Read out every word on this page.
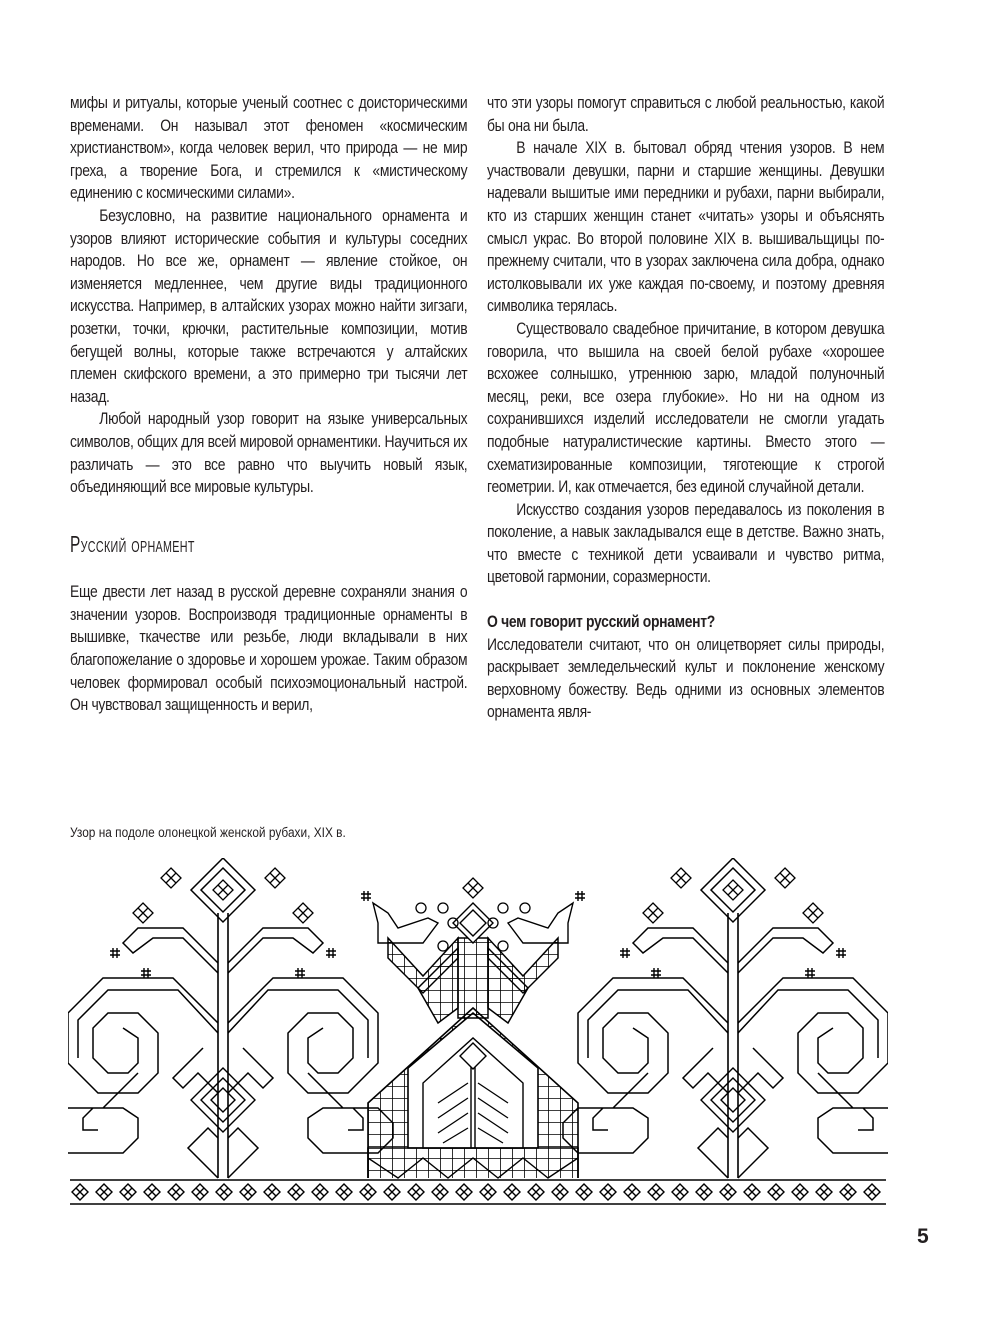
мифы и ритуалы, которые ученый соотнес с доисторическими временами. Он называл этот феномен «космическим христианством», когда человек верил, что природа — не мир греха, а творение Бога, и стремился к «мистическому единению с космическими силами».

Безусловно, на развитие национального орнамента и узоров влияют исторические события и культуры соседних народов. Но все же, орнамент — явление стойкое, он изменяется медленнее, чем другие виды традиционного искусства. Например, в алтайских узорах можно найти зигзаги, розетки, точки, крючки, растительные композиции, мотив бегущей волны, которые также встречаются у алтайских племен скифского времени, а это примерно три тысячи лет назад.

Любой народный узор говорит на языке универсальных символов, общих для всей мировой орнаментики. Научиться их различать — это все равно что выучить новый язык, объединяющий все мировые культуры.

Русский орнамент

Еще двести лет назад в русской деревне сохраняли знания о значении узоров. Воспроизводя традиционные орнаменты в вышивке, ткачестве или резьбе, люди вкладывали в них благопожелание о здоровье и хорошем урожае. Таким образом человек формировал особый психоэмоциональный настрой. Он чувствовал защищенность и верил,

что эти узоры помогут справиться с любой реальностью, какой бы она ни была.

В начале XIX в. бытовал обряд чтения узоров. В нем участвовали девушки, парни и старшие женщины. Девушки надевали вышитые ими передники и рубахи, парни выбирали, кто из старших женщин станет «читать» узоры и объяснять смысл украс. Во второй половине XIX в. вышивальщицы по-прежнему считали, что в узорах заключена сила добра, однако истолковывали их уже каждая по-своему, и поэтому древняя символика терялась.

Существовало свадебное причитание, в котором девушка говорила, что вышила на своей белой рубахе «хорошее всхожее солнышко, утреннюю зарю, младой полуночный месяц, реки, все озера глубокие». Но ни на одном из сохранившихся изделий исследователи не смогли угадать подобные натуралистические картины. Вместо этого — схематизированные композиции, тяготеющие к строгой геометрии. И, как отмечается, без единой случайной детали.

Искусство создания узоров передавалось из поколения в поколение, а навык закладывался еще в детстве. Важно знать, что вместе с техникой дети усваивали и чувство ритма, цветовой гармонии, соразмерности.

О чем говорит русский орнамент?

Исследователи считают, что он олицетворяет силы природы, раскрывает земледельческий культ и поклонение женскому верховному божеству. Ведь одними из основных элементов орнамента явля-

Узор на подоле олонецкой женской рубахи, XIX в.
5
